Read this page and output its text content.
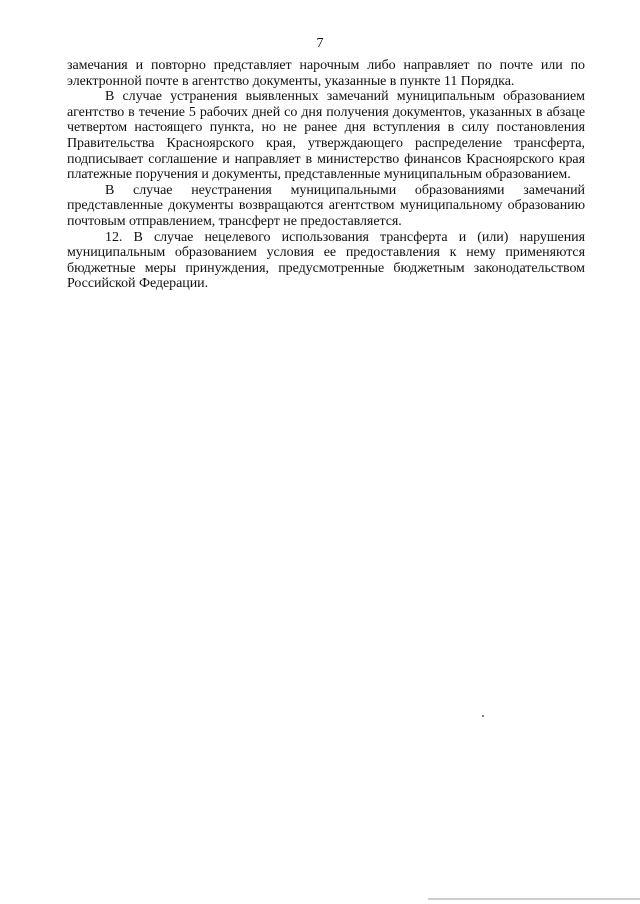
7

замечания и повторно представляет нарочным либо направляет по почте или по электронной почте в агентство документы, указанные в пункте 11 Порядка.

В случае устранения выявленных замечаний муниципальным образованием агентство в течение 5 рабочих дней со дня получения документов, указанных в абзаце четвертом настоящего пункта, но не ранее дня вступления в силу постановления Правительства Красноярского края, утверждающего распределение трансферта, подписывает соглашение и направляет в министерство финансов Красноярского края платежные поручения и документы, представленные муниципальным образованием.

В случае неустранения муниципальными образованиями замечаний представленные документы возвращаются агентством муниципальному образованию почтовым отправлением, трансферт не предоставляется.

12. В случае нецелевого использования трансферта и (или) нарушения муниципальным образованием условия ее предоставления к нему применяются бюджетные меры принуждения, предусмотренные бюджетным законодательством Российской Федерации.
